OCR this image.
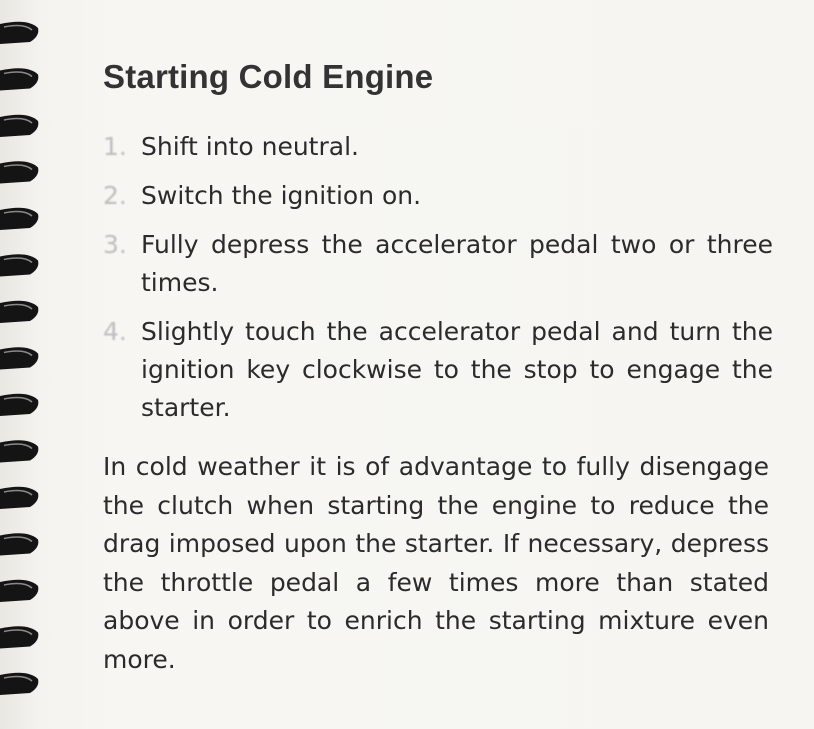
Starting Cold Engine
1. Shift into neutral.
2. Switch the ignition on.
3. Fully depress the accelerator pedal two or three times.
4. Slightly touch the accelerator pedal and turn the ignition key clockwise to the stop to engage the starter.
In cold weather it is of advantage to fully disengage the clutch when starting the engine to reduce the drag imposed upon the starter. If necessary, depress the throttle pedal a few times more than stated above in order to enrich the starting mixture even more.
